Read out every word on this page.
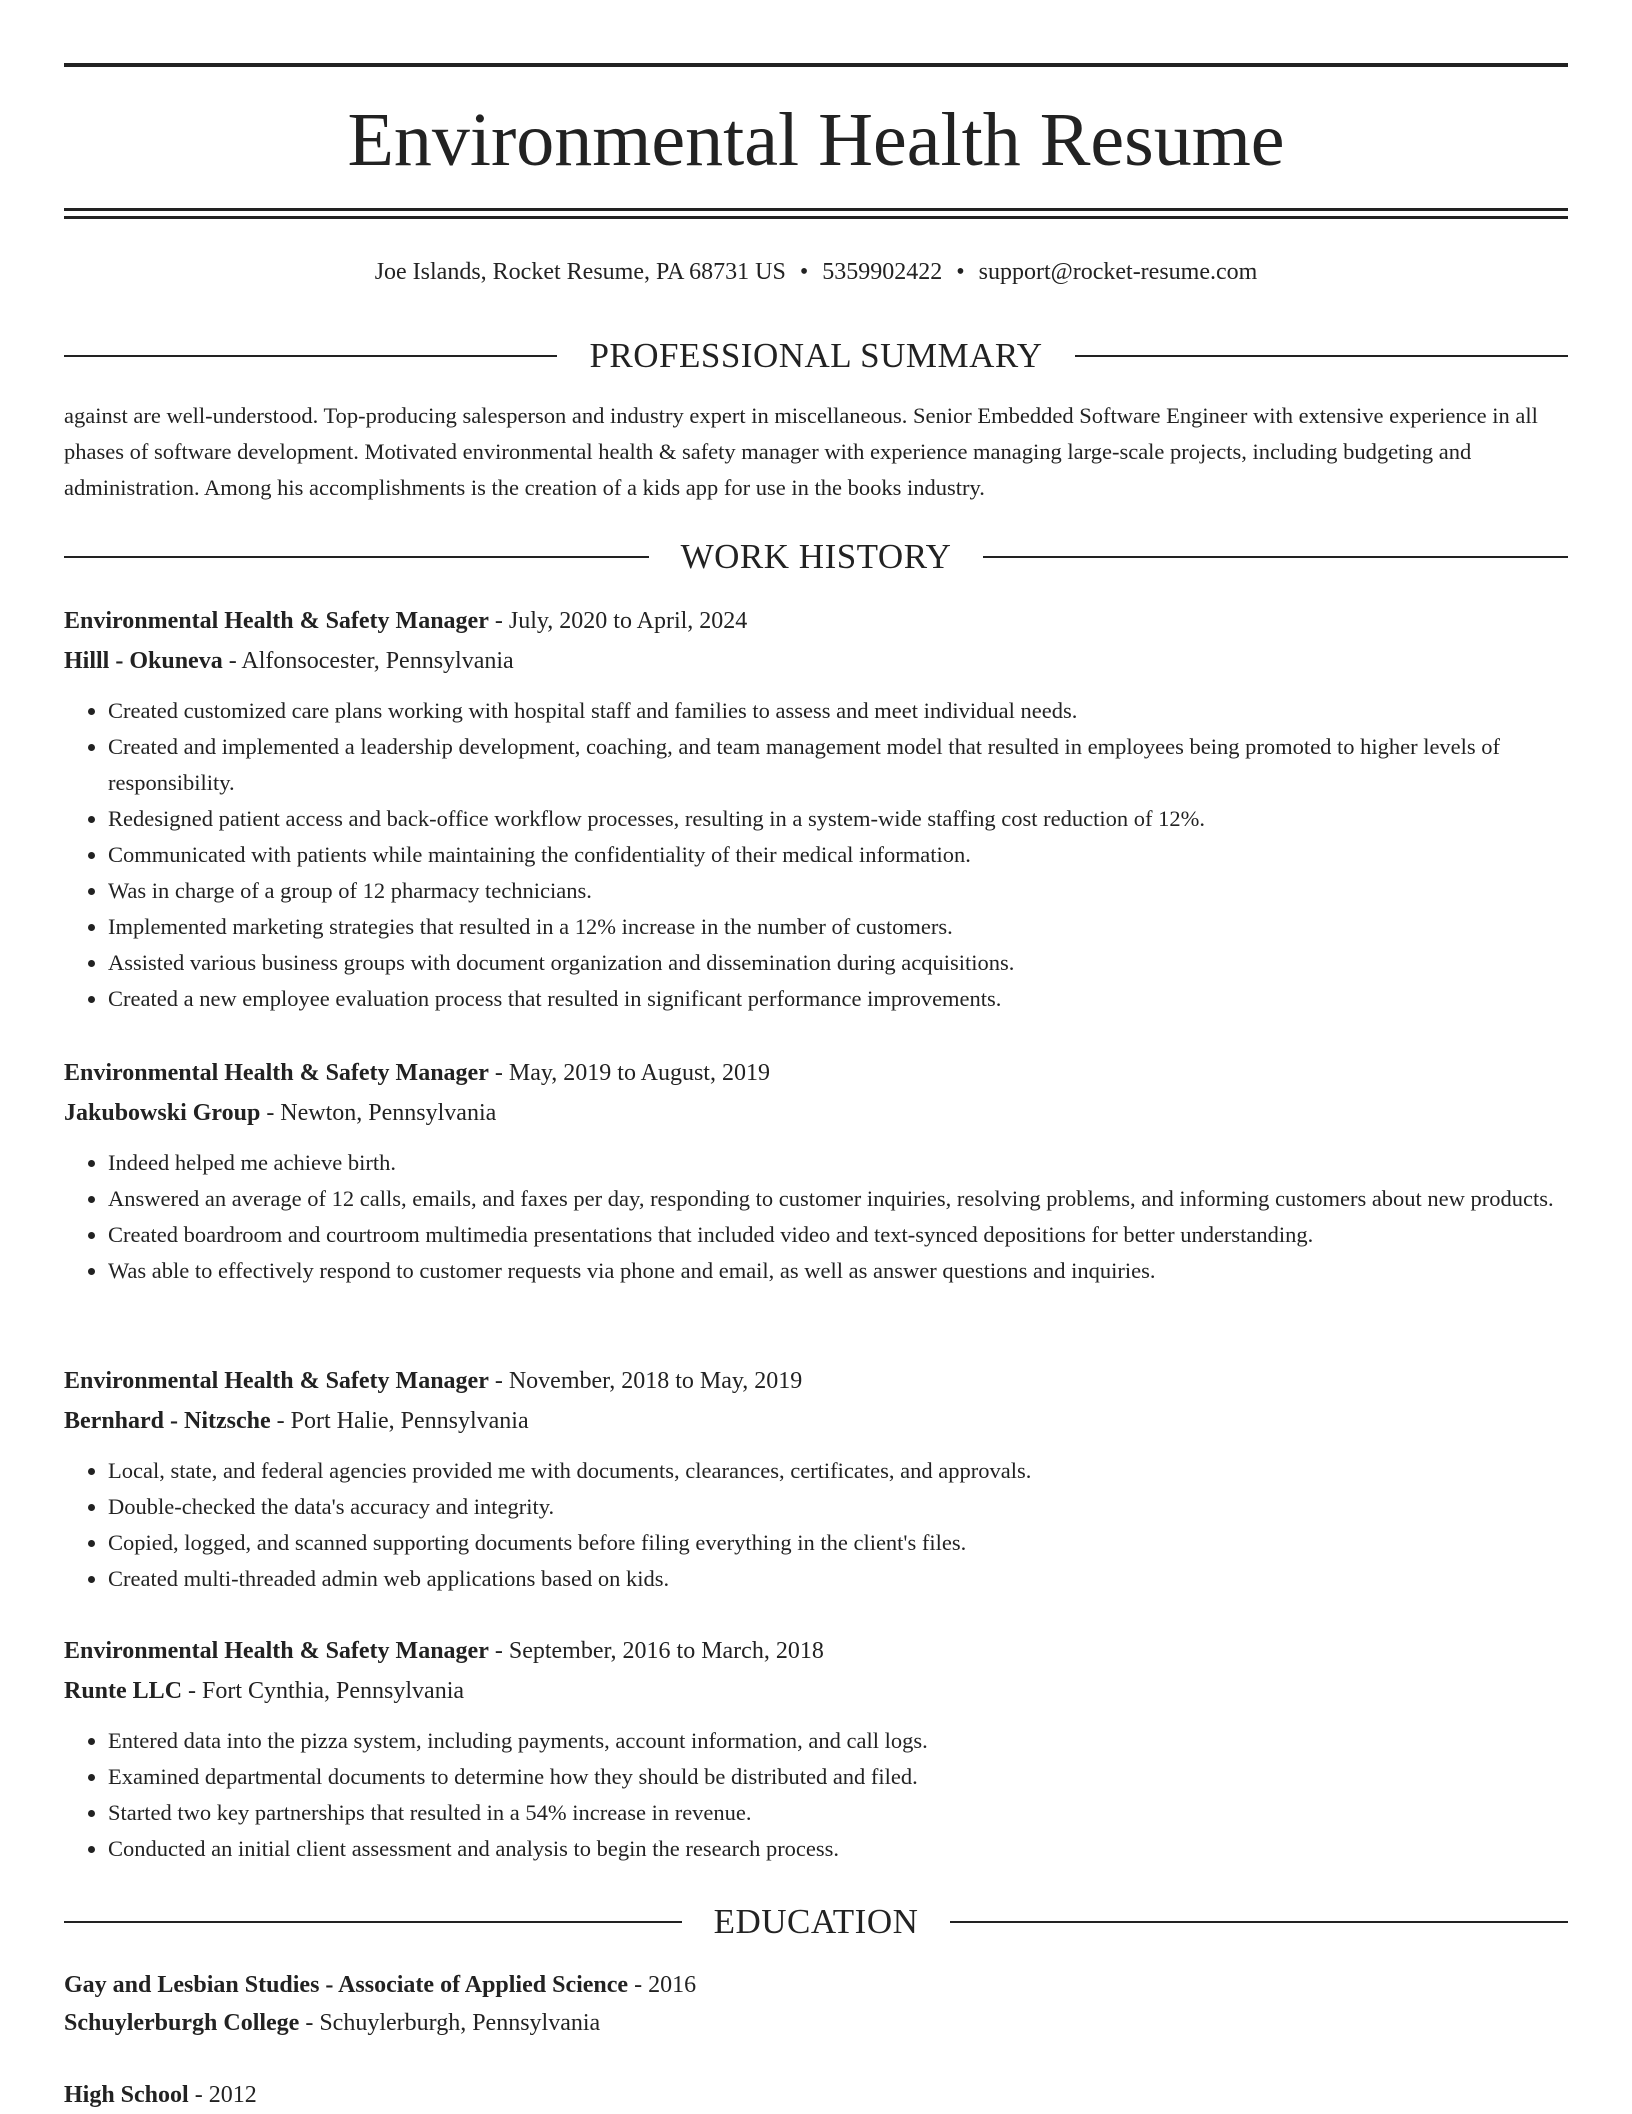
Environmental Health Resume
Joe Islands, Rocket Resume, PA 68731 US • 5359902422 • support@rocket-resume.com
PROFESSIONAL SUMMARY

against are well-understood. Top-producing salesperson and industry expert in miscellaneous. Senior Embedded Software Engineer with extensive experience in all phases of software development. Motivated environmental health & safety manager with experience managing large-scale projects, including budgeting and administration. Among his accomplishments is the creation of a kids app for use in the books industry.

WORK HISTORY
Environmental Health & Safety Manager - July, 2020 to April, 2024
Hilll - Okuneva - Alfonsocester, Pennsylvania
• Created customized care plans working with hospital staff and families to assess and meet individual needs.
• Created and implemented a leadership development, coaching, and team management model that resulted in employees being promoted to higher levels of responsibility.
• Redesigned patient access and back-office workflow processes, resulting in a system-wide staffing cost reduction of 12%.
• Communicated with patients while maintaining the confidentiality of their medical information.
• Was in charge of a group of 12 pharmacy technicians.
• Implemented marketing strategies that resulted in a 12% increase in the number of customers.
• Assisted various business groups with document organization and dissemination during acquisitions.
• Created a new employee evaluation process that resulted in significant performance improvements.
Environmental Health & Safety Manager - May, 2019 to August, 2019
Jakubowski Group - Newton, Pennsylvania
• Indeed helped me achieve birth.
• Answered an average of 12 calls, emails, and faxes per day, responding to customer inquiries, resolving problems, and informing customers about new products.
• Created boardroom and courtroom multimedia presentations that included video and text-synced depositions for better understanding.
• Was able to effectively respond to customer requests via phone and email, as well as answer questions and inquiries.
Environmental Health & Safety Manager - November, 2018 to May, 2019
Bernhard - Nitzsche - Port Halie, Pennsylvania
• Local, state, and federal agencies provided me with documents, clearances, certificates, and approvals.
• Double-checked the data's accuracy and integrity.
• Copied, logged, and scanned supporting documents before filing everything in the client's files.
• Created multi-threaded admin web applications based on kids.
Environmental Health & Safety Manager - September, 2016 to March, 2018
Runte LLC - Fort Cynthia, Pennsylvania
• Entered data into the pizza system, including payments, account information, and call logs.
• Examined departmental documents to determine how they should be distributed and filed.
• Started two key partnerships that resulted in a 54% increase in revenue.
• Conducted an initial client assessment and analysis to begin the research process.
EDUCATION
Gay and Lesbian Studies - Associate of Applied Science - 2016
Schuylerburgh College - Schuylerburgh, Pennsylvania
High School - 2012
